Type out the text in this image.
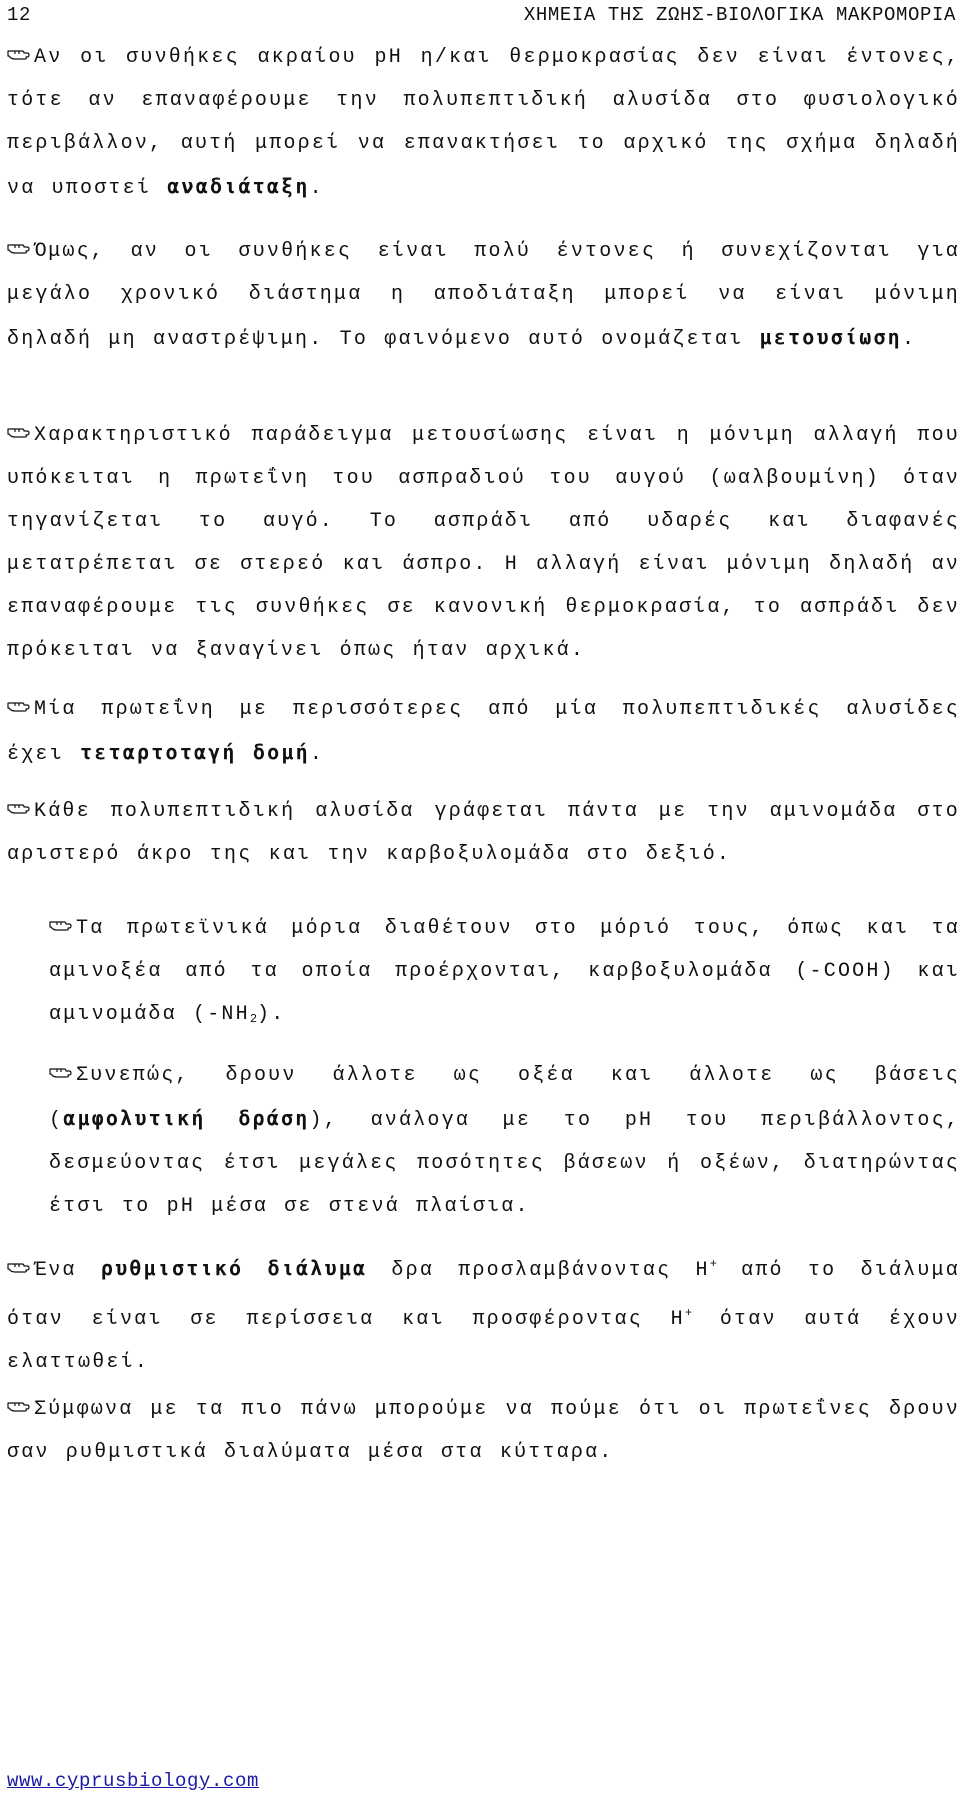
12	ΧΗΜΕΙΑ ΤΗΣ ΖΩΗΣ-ΒΙΟΛΟΓΙΚΑ ΜΑΚΡΟΜΟΡΙΑ

Αν οι συνθήκες ακραίου pH η/και θερμοκρασίας δεν είναι έντονες, τότε αν επαναφέρουμε την πολυπεπτιδική αλυσίδα στο φυσιολογικό περιβάλλον, αυτή μπορεί να επανακτήσει το αρχικό της σχήμα δηλαδή να υποστεί αναδιάταξη.

Όμως, αν οι συνθήκες είναι πολύ έντονες ή συνεχίζονται για μεγάλο χρονικό διάστημα η αποδιάταξη μπορεί να είναι μόνιμη δηλαδή μη αναστρέψιμη. Το φαινόμενο αυτό ονομάζεται μετουσίωση.

Χαρακτηριστικό παράδειγμα μετουσίωσης είναι η μόνιμη αλλαγή που υπόκειται η πρωτεΐνη του ασπραδιού του αυγού (ωαλβουμίνη) όταν τηγανίζεται το αυγό. Το ασπράδι από υδαρές και διαφανές μετατρέπεται σε στερεό και άσπρο. Η αλλαγή είναι μόνιμη δηλαδή αν επαναφέρουμε τις συνθήκες σε κανονική θερμοκρασία, το ασπράδι δεν πρόκειται να ξαναγίνει όπως ήταν αρχικά.

Μία πρωτεΐνη με περισσότερες από μία πολυπεπτιδικές αλυσίδες έχει τεταρτοταγή δομή.

Κάθε πολυπεπτιδική αλυσίδα γράφεται πάντα με την αμινομάδα στο αριστερό άκρο της και την καρβοξυλομάδα στο δεξιό.

Τα πρωτεϊνικά μόρια διαθέτουν στο μόριό τους, όπως και τα αμινοξέα από τα οποία προέρχονται, καρβοξυλομάδα (-COOH) και αμινομάδα $(-NH_2)$.

Συνεπώς, δρουν άλλοτε ως οξέα και άλλοτε ως βάσεις (αμφολυτική δράση), ανάλογα με το pH του περιβάλλοντος, δεσμεύοντας έτσι μεγάλες ποσότητες βάσεων ή οξέων, διατηρώντας έτσι το pH μέσα σε στενά πλαίσια.

Ένα ρυθμιστικό διάλυμα δρα προσλαμβάνοντας H+ από το διάλυμα όταν είναι σε περίσσεια και προσφέροντας H+ όταν αυτά έχουν ελαττωθεί.

Σύμφωνα με τα πιο πάνω μπορούμε να πούμε ότι οι πρωτεΐνες δρουν σαν ρυθμιστικά διαλύματα μέσα στα κύτταρα.

www.cyprusbiology.com
